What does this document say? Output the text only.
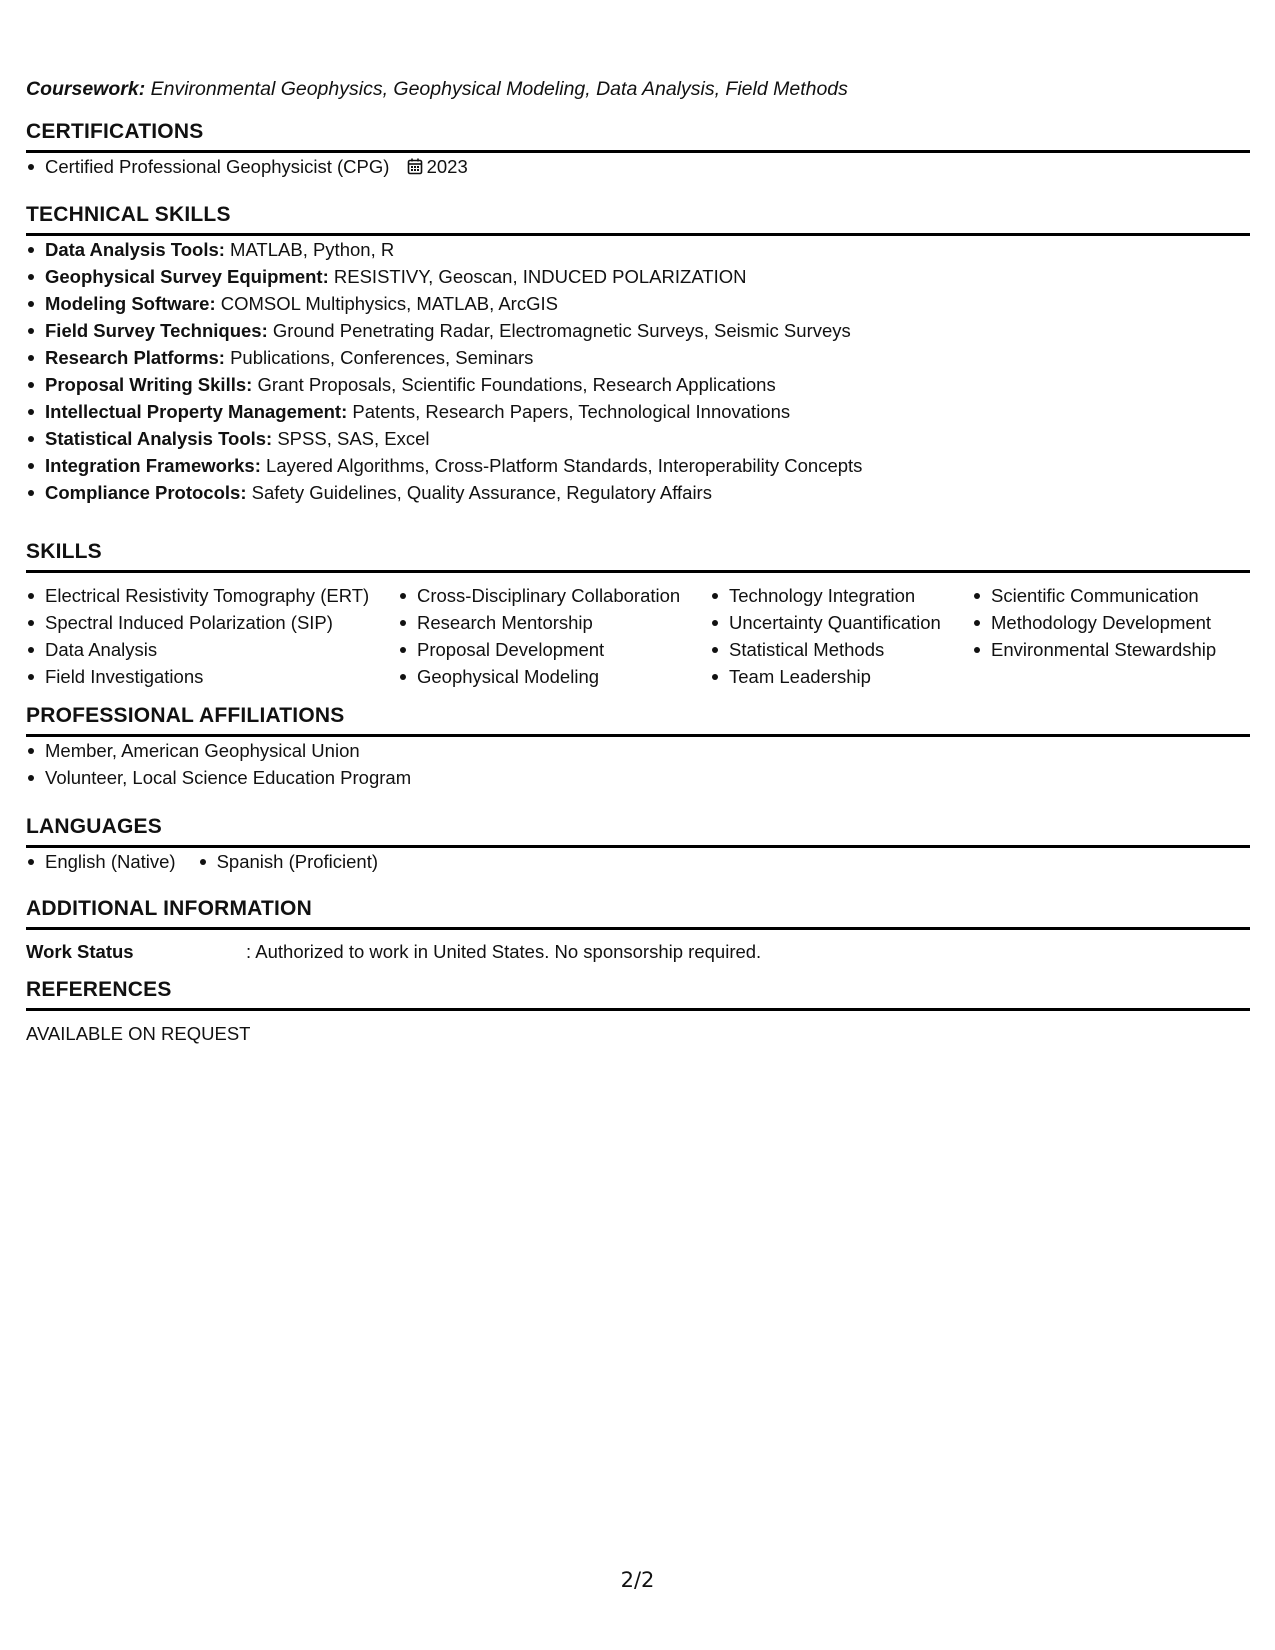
Coursework: Environmental Geophysics, Geophysical Modeling, Data Analysis, Field Methods
CERTIFICATIONS
Certified Professional Geophysicist (CPG) 2023
TECHNICAL SKILLS
Data Analysis Tools: MATLAB, Python, R
Geophysical Survey Equipment: RESISTIVY, Geoscan, INDUCED POLARIZATION
Modeling Software: COMSOL Multiphysics, MATLAB, ArcGIS
Field Survey Techniques: Ground Penetrating Radar, Electromagnetic Surveys, Seismic Surveys
Research Platforms: Publications, Conferences, Seminars
Proposal Writing Skills: Grant Proposals, Scientific Foundations, Research Applications
Intellectual Property Management: Patents, Research Papers, Technological Innovations
Statistical Analysis Tools: SPSS, SAS, Excel
Integration Frameworks: Layered Algorithms, Cross-Platform Standards, Interoperability Concepts
Compliance Protocols: Safety Guidelines, Quality Assurance, Regulatory Affairs
SKILLS
Electrical Resistivity Tomography (ERT)
Spectral Induced Polarization (SIP)
Data Analysis
Field Investigations
Cross-Disciplinary Collaboration
Research Mentorship
Proposal Development
Geophysical Modeling
Technology Integration
Uncertainty Quantification
Statistical Methods
Team Leadership
Scientific Communication
Methodology Development
Environmental Stewardship
PROFESSIONAL AFFILIATIONS
Member, American Geophysical Union
Volunteer, Local Science Education Program
LANGUAGES
English (Native)	Spanish (Proficient)
ADDITIONAL INFORMATION
Work Status	: Authorized to work in United States. No sponsorship required.
REFERENCES
AVAILABLE ON REQUEST
2/2
